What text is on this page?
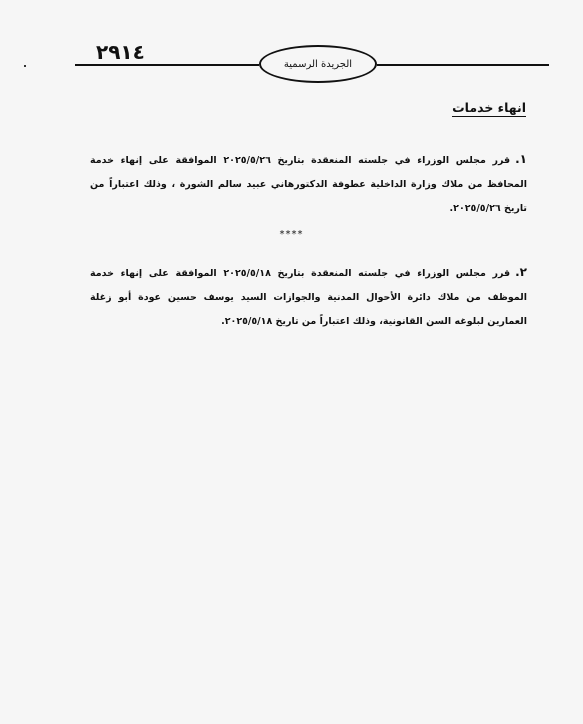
٢٩١٤	الجريدة الرسمية
انهاء خدمات
١.قرر مجلس الوزراء في جلسته المنعقدة بتاريخ ٢٠٢٥/٥/٢٦ الموافقة على إنهاء خدمة المحافظ من ملاك وزارة الداخلية عطوفة الدكتورهاني عبيد سالم الشورة ، وذلك اعتباراً من تاريخ ٢٠٢٥/٥/٢٦.
****
٢.قرر مجلس الوزراء في جلسته المنعقدة بتاريخ ٢٠٢٥/٥/١٨ الموافقة على إنهاء خدمة الموظف من ملاك دائرة الأحوال المدنية والجوازات السيد يوسف حسين عودة أبو زغلة العمارين لبلوغه السن القانونية، وذلك اعتباراً من تاريخ ٢٠٢٥/٥/١٨.
